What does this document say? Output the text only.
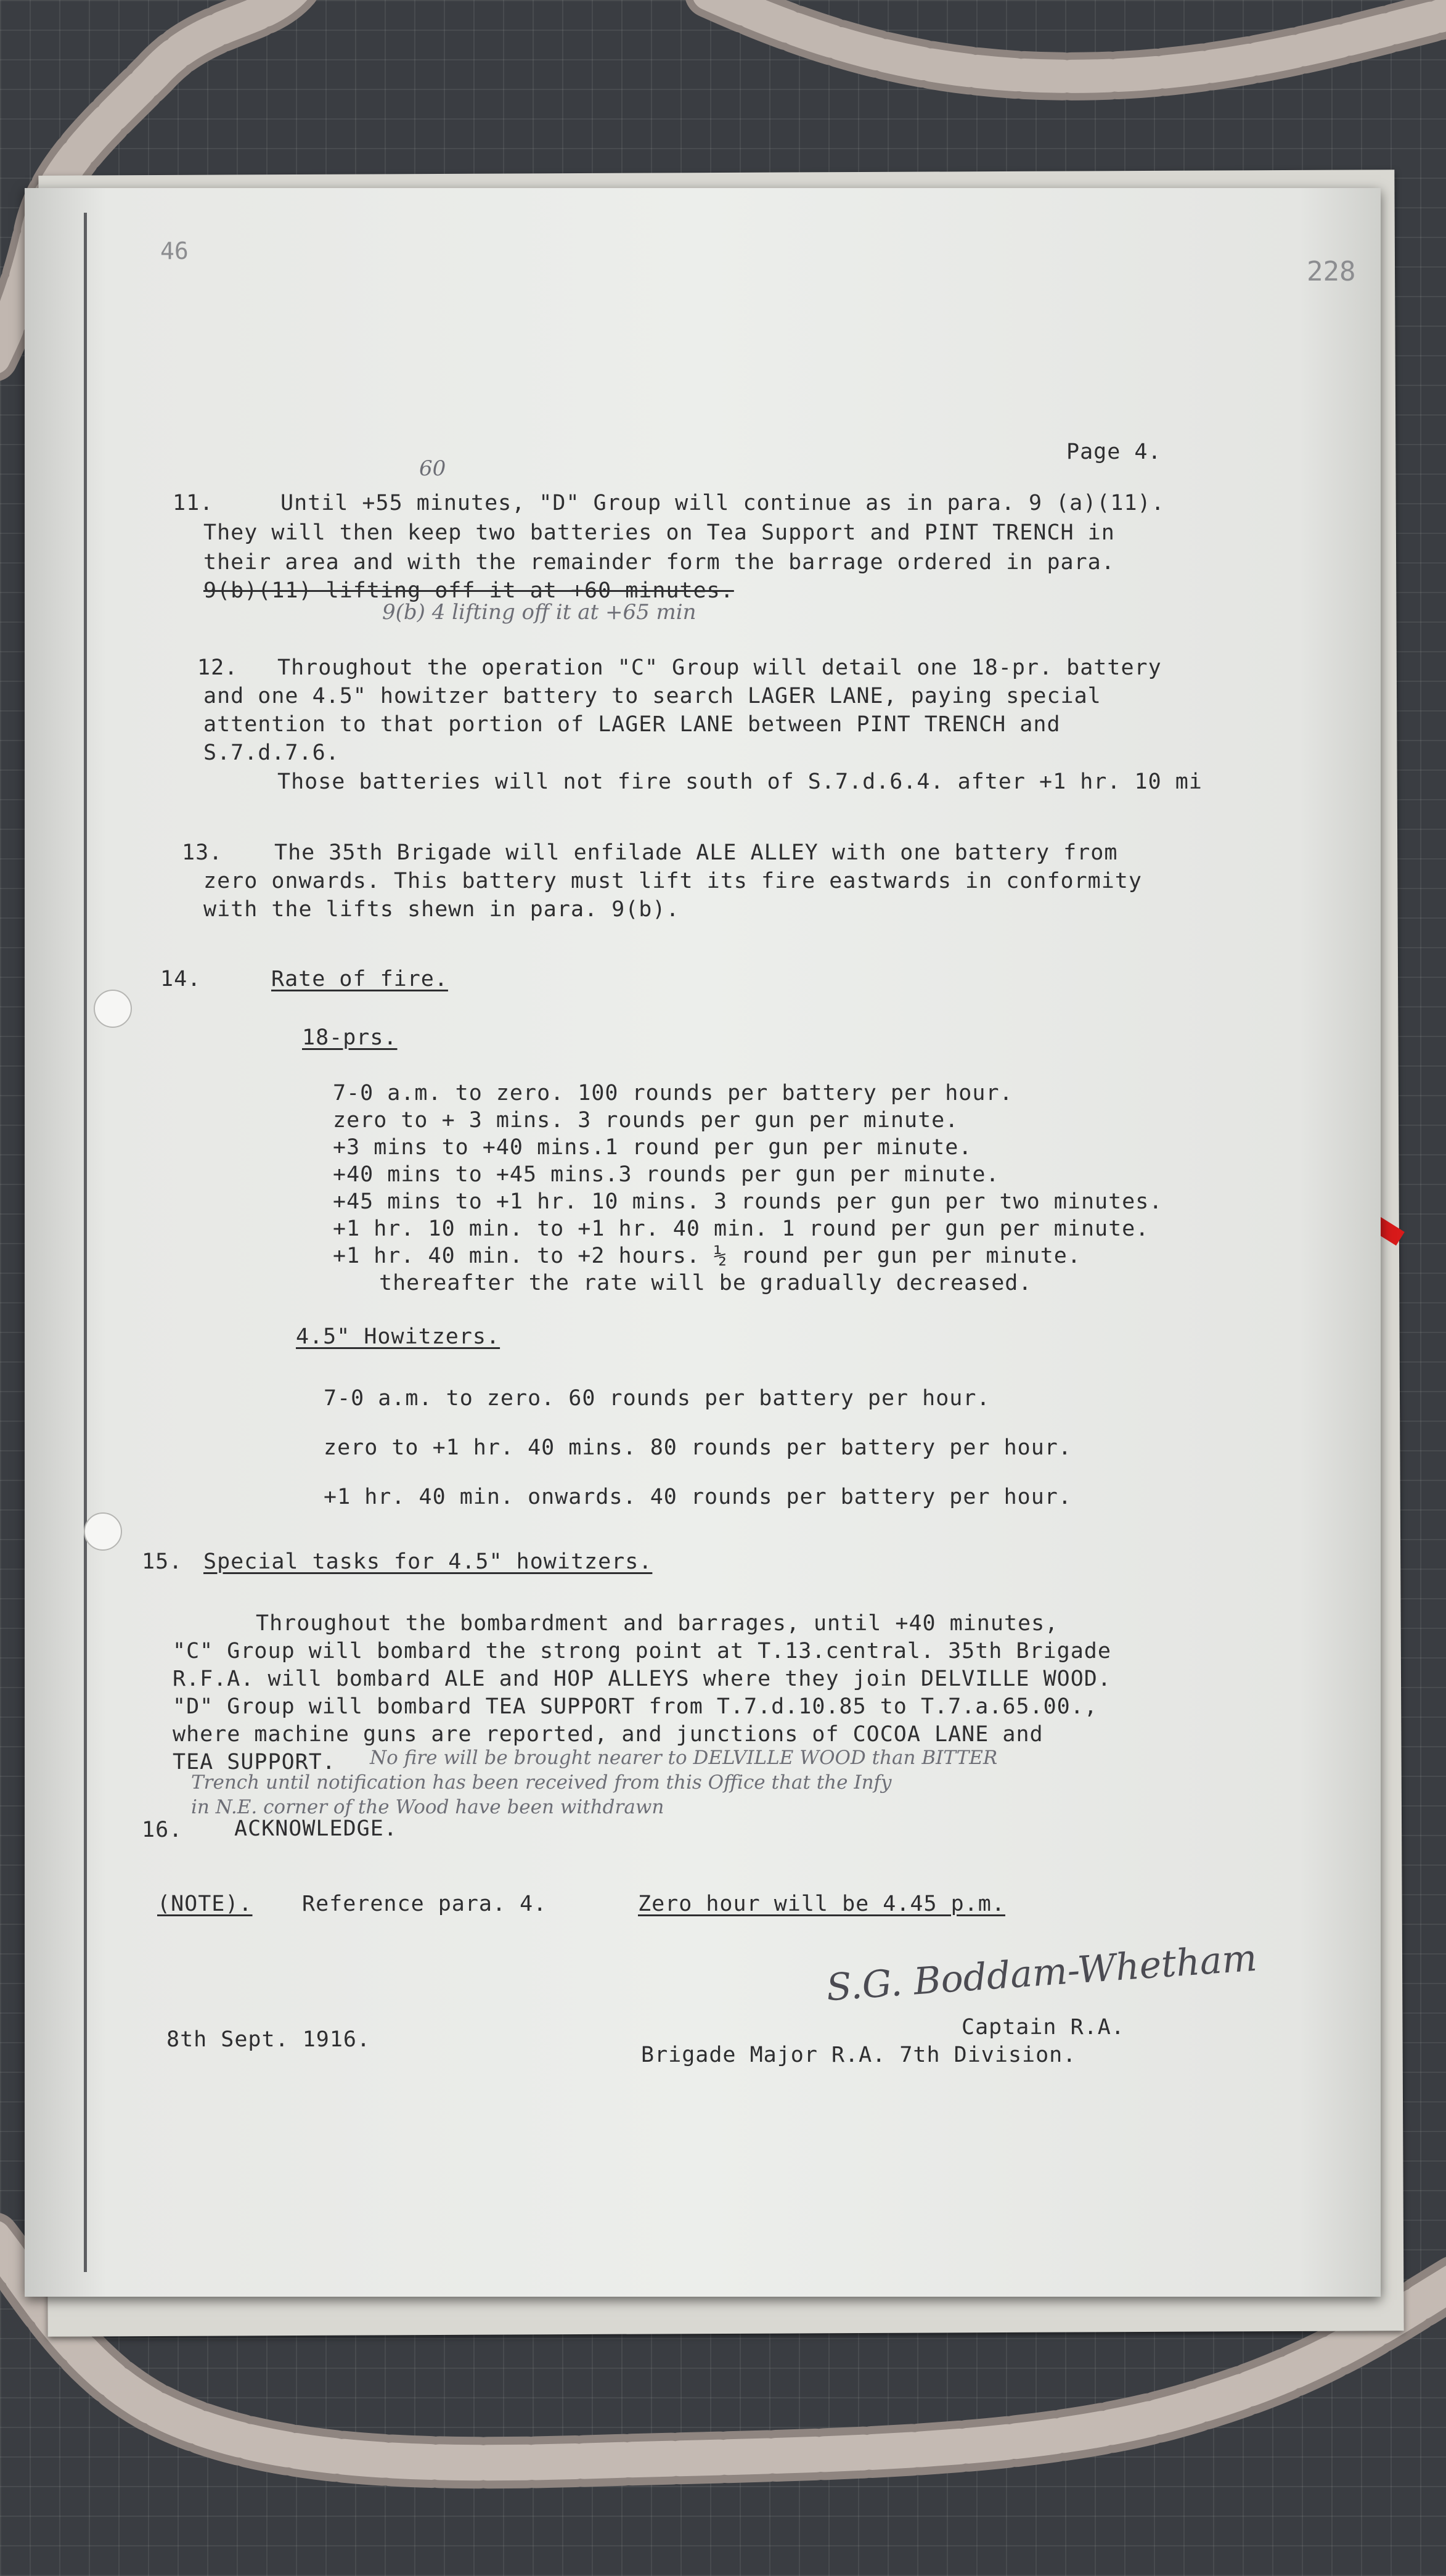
46
228
Page 4.
11.
60
Until +55 minutes, "D" Group will continue as in para. 9 (a)(11).
They will then keep two batteries on Tea Support and PINT TRENCH in
their area and with the remainder form the barrage ordered in para.
9(b)(11) lifting off it at +60 minutes.
9(b) 4 lifting off it at +65 min
12. Throughout the operation "C" Group will detail one 18-pr. battery
and one 4.5" howitzer battery to search LAGER LANE, paying special
attention to that portion of LAGER LANE between PINT TRENCH and
S.7.d.7.6.
Those batteries will not fire south of S.7.d.6.4. after +1 hr. 10 mi
13. The 35th Brigade will enfilade ALE ALLEY with one battery from
zero onwards. This battery must lift its fire eastwards in conformity
with the lifts shewn in para. 9(b).
14.	Rate of fire.
18-prs.
7-0 a.m. to zero. 100 rounds per battery per hour.
zero to + 3 mins. 3 rounds per gun per minute.
+3 mins to +40 mins.1 round per gun per minute.
+40 mins to +45 mins.3 rounds per gun per minute.
+45 mins to +1 hr. 10 mins. 3 rounds per gun per two minutes.
+1 hr. 10 min. to +1 hr. 40 min. 1 round per gun per minute.
+1 hr. 40 min. to +2 hours. ½ round per gun per minute.
thereafter the rate will be gradually decreased.
4.5" Howitzers.
7-0 a.m. to zero. 60 rounds per battery per hour.
zero to +1 hr. 40 mins. 80 rounds per battery per hour.
+1 hr. 40 min. onwards. 40 rounds per battery per hour.
15. Special tasks for 4.5" howitzers.
Throughout the bombardment and barrages, until +40 minutes,
"C" Group will bombard the strong point at T.13.central. 35th Brigade
R.F.A. will bombard ALE and HOP ALLEYS where they join DELVILLE WOOD.
"D" Group will bombard TEA SUPPORT from T.7.d.10.85 to T.7.a.65.00.,
where machine guns are reported, and junctions of COCOA LANE and
TEA SUPPORT. No fire will be brought nearer to DELVILLE WOOD than BITTER
Trench until notification has been received from this Office that the Infy
in N.E. corner of the Wood have been withdrawn
16. ACKNOWLEDGE.
(NOTE). Reference para. 4.	Zero hour will be 4.45 p.m.
S.G. Boddam-Whetham
8th Sept. 1916.	Captain R.A.
Brigade Major R.A. 7th Division.
